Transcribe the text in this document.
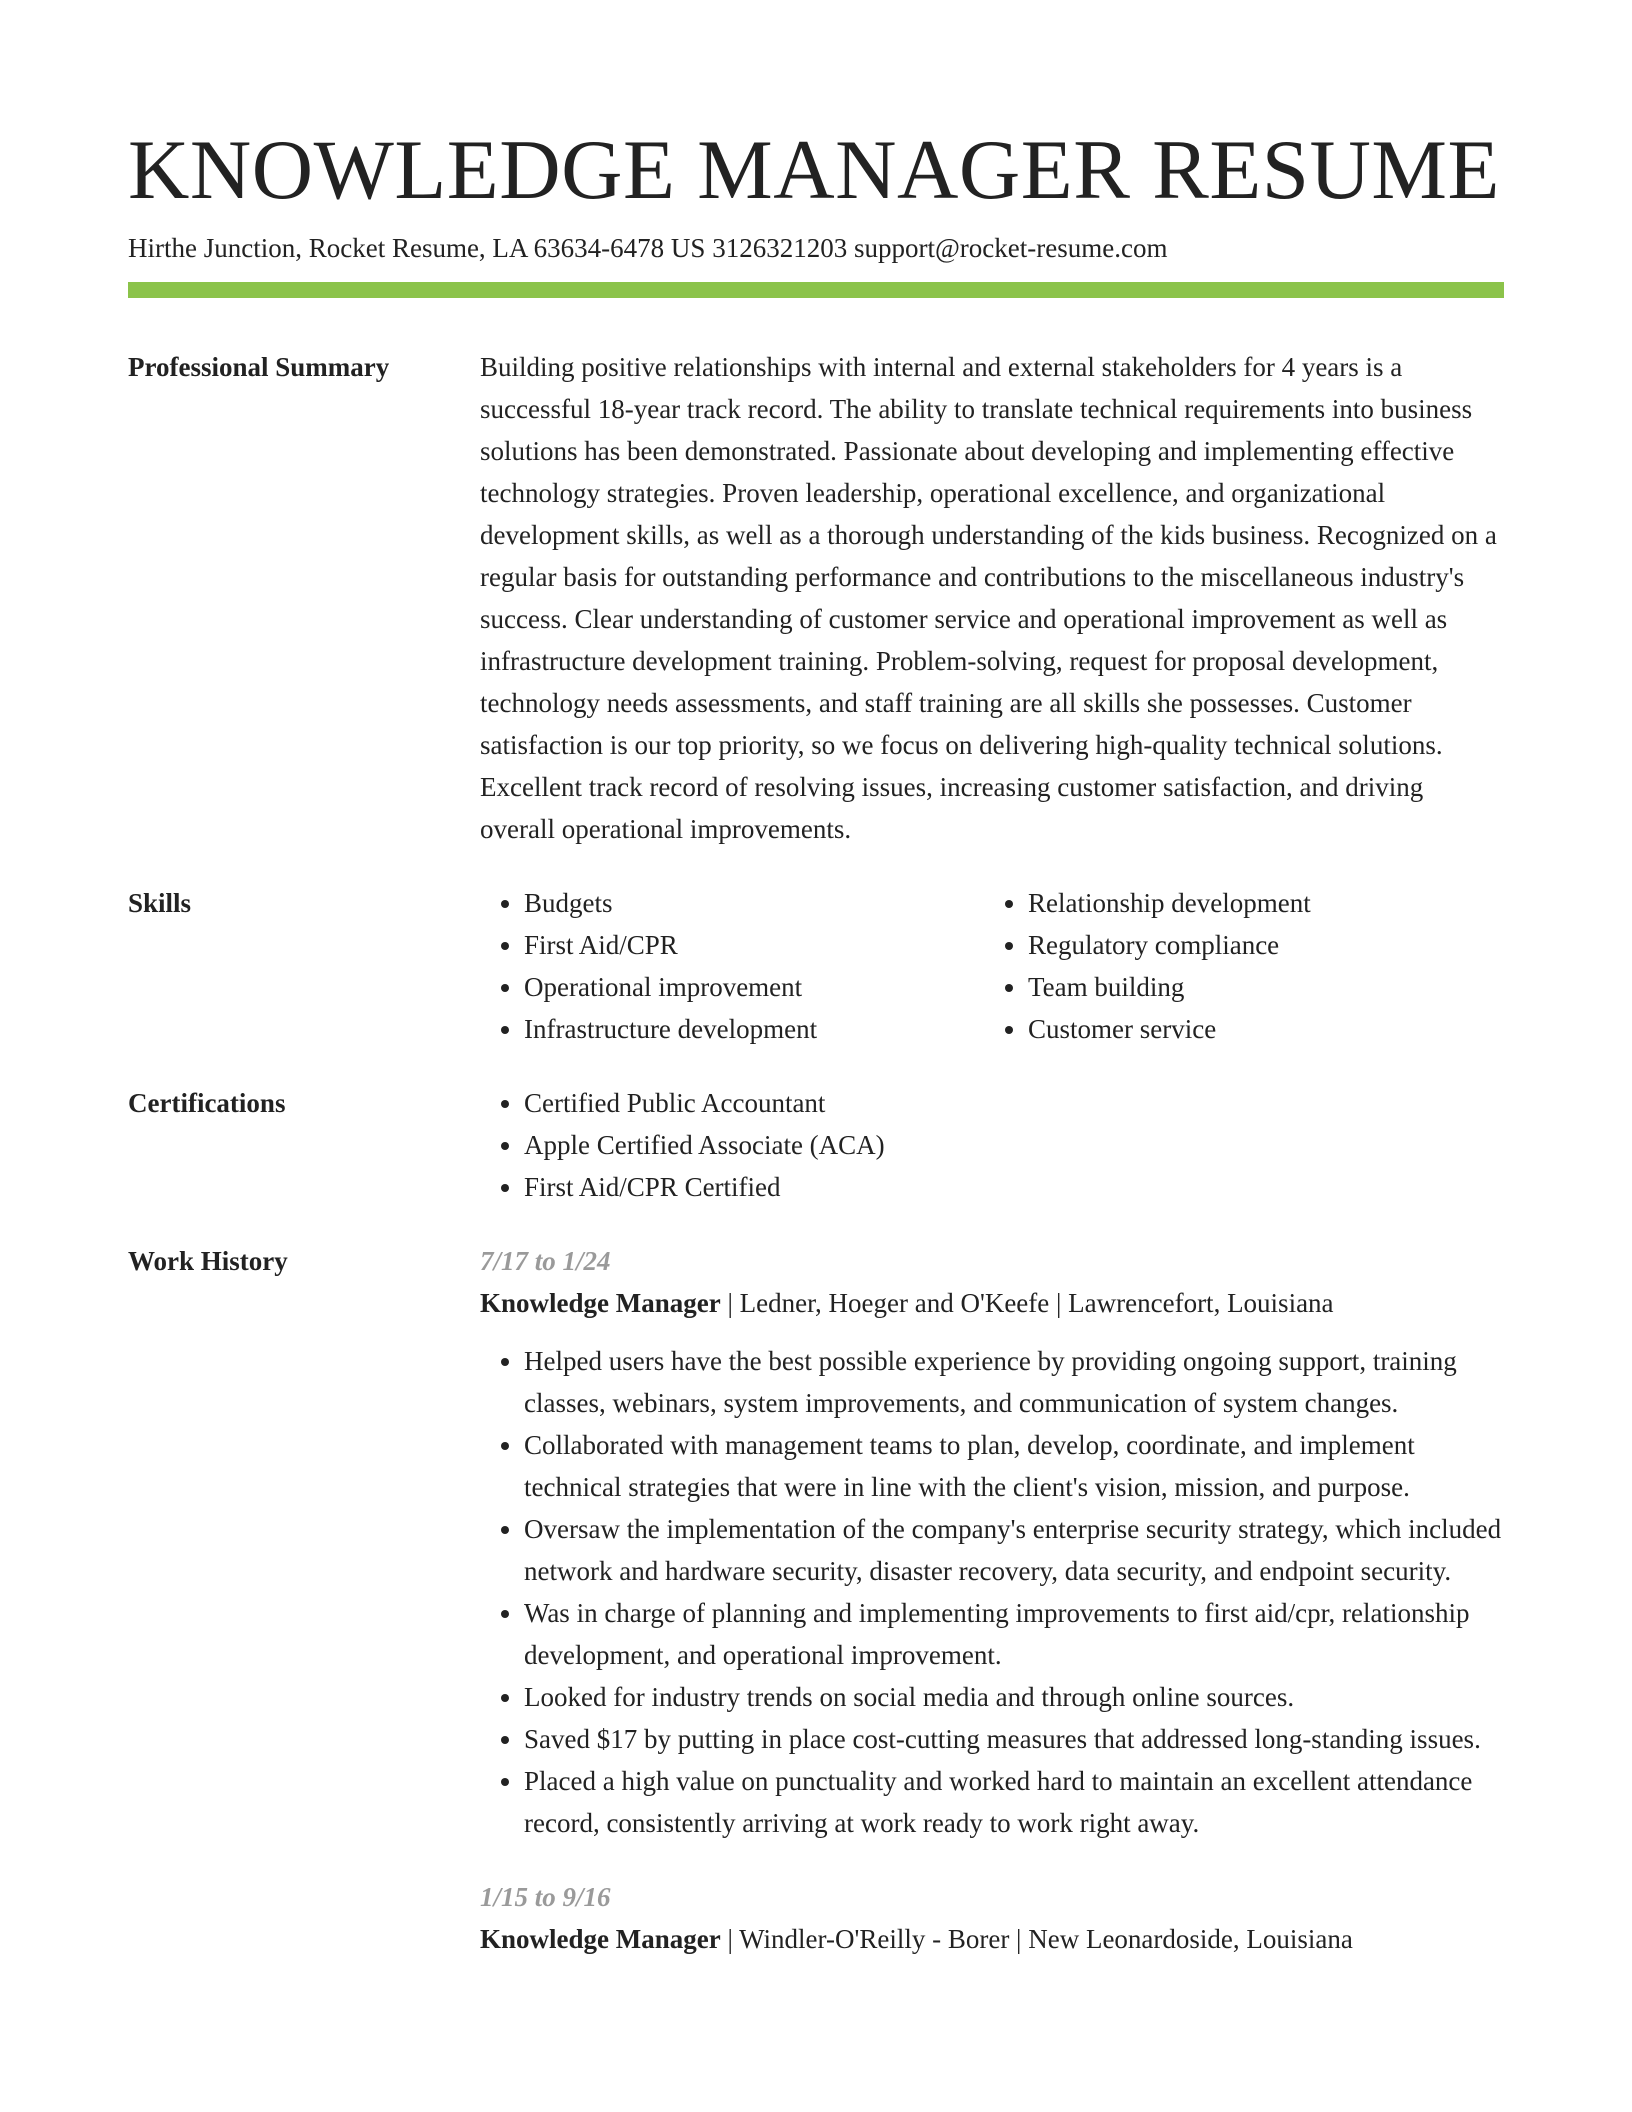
KNOWLEDGE MANAGER RESUME
Hirthe Junction, Rocket Resume, LA 63634-6478 US 3126321203 support@rocket-resume.com
Professional Summary	Building positive relationships with internal and external stakeholders for 4 years is a successful 18-year track record. The ability to translate technical requirements into business solutions has been demonstrated. Passionate about developing and implementing effective technology strategies. Proven leadership, operational excellence, and organizational development skills, as well as a thorough understanding of the kids business. Recognized on a regular basis for outstanding performance and contributions to the miscellaneous industry's success. Clear understanding of customer service and operational improvement as well as infrastructure development training. Problem-solving, request for proposal development, technology needs assessments, and staff training are all skills she possesses. Customer satisfaction is our top priority, so we focus on delivering high-quality technical solutions. Excellent track record of resolving issues, increasing customer satisfaction, and driving overall operational improvements.

Skills	• Budgets
• First Aid/CPR
• Operational improvement
• Infrastructure development
• Relationship development
• Regulatory compliance
• Team building
• Customer service
Certifications	• Certified Public Accountant
• Apple Certified Associate (ACA)
• First Aid/CPR Certified
Work History	7/17 to 1/24
Knowledge Manager | Ledner, Hoeger and O'Keefe | Lawrencefort, Louisiana
• Helped users have the best possible experience by providing ongoing support, training classes, webinars, system improvements, and communication of system changes.
• Collaborated with management teams to plan, develop, coordinate, and implement technical strategies that were in line with the client's vision, mission, and purpose.
• Oversaw the implementation of the company's enterprise security strategy, which included network and hardware security, disaster recovery, data security, and endpoint security.
• Was in charge of planning and implementing improvements to first aid/cpr, relationship development, and operational improvement.
• Looked for industry trends on social media and through online sources.
• Saved $17 by putting in place cost-cutting measures that addressed long-standing issues.
• Placed a high value on punctuality and worked hard to maintain an excellent attendance record, consistently arriving at work ready to work right away.
1/15 to 9/16
Knowledge Manager | Windler-O'Reilly - Borer | New Leonardoside, Louisiana
